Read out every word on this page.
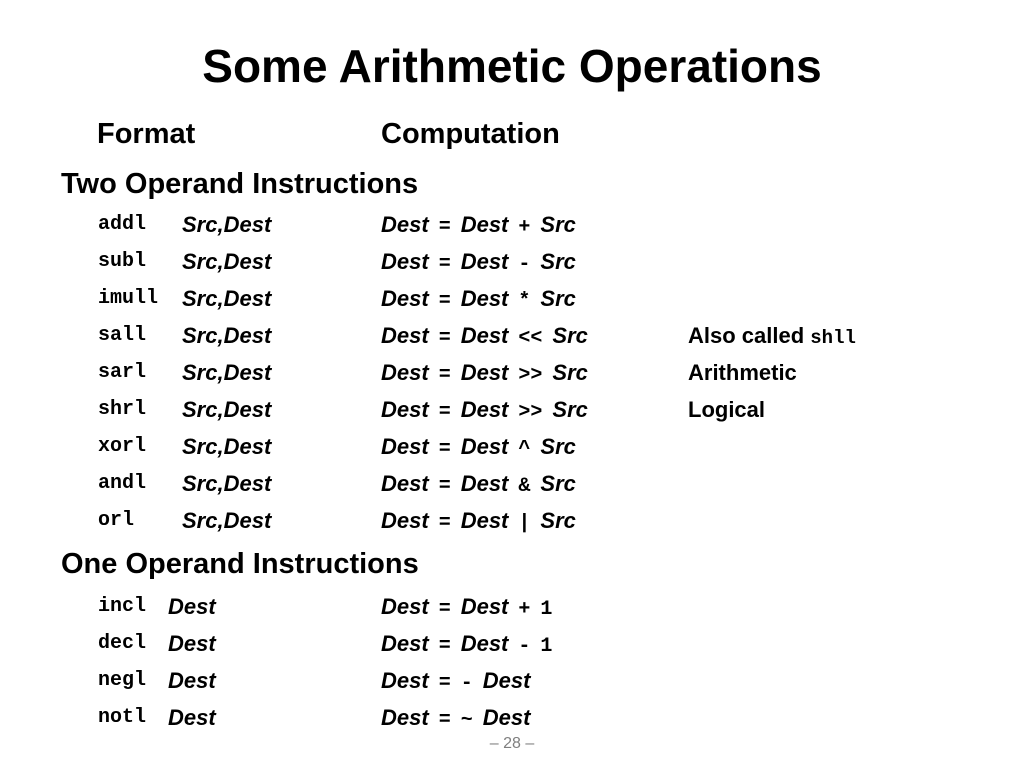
Some Arithmetic Operations
Format	Computation
Two Operand Instructions
addl Src,Dest	Dest = Dest + Src
subl Src,Dest	Dest = Dest - Src
imull Src,Dest	Dest = Dest * Src
sall Src,Dest	Dest = Dest << Src	Also called shll
sarl Src,Dest	Dest = Dest >> Src	Arithmetic
shrl Src,Dest	Dest = Dest >> Src	Logical
xorl Src,Dest	Dest = Dest ^ Src
andl Src,Dest	Dest = Dest & Src
orl Src,Dest	Dest = Dest | Src
One Operand Instructions
incl Dest	Dest = Dest + 1
decl Dest	Dest = Dest - 1
negl Dest	Dest = - Dest
notl Dest	Dest = ~ Dest
– 28 –
